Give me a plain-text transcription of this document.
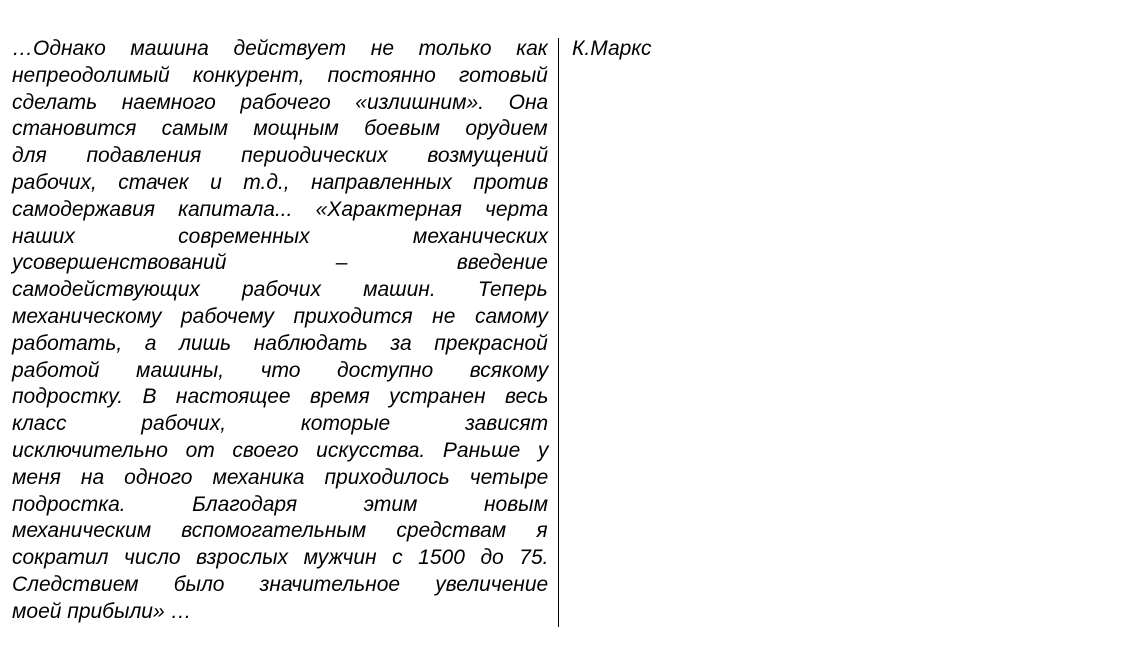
…Однако машина действует не только как
непреодолимый конкурент, постоянно готовый
сделать наемного рабочего «излишним». Она
становится самым мощным боевым орудием
для подавления периодических возмущений
рабочих, стачек и т.д., направленных против
самодержавия капитала... «Характерная черта
наших современных механических
усовершенствований – введение
самодействующих рабочих машин. Теперь
механическому рабочему приходится не самому
работать, а лишь наблюдать за прекрасной
работой машины, что доступно всякому
подростку. В настоящее время устранен весь
класс рабочих, которые зависят
исключительно от своего искусства. Раньше у
меня на одного механика приходилось четыре
подростка. Благодаря этим новым
механическим вспомогательным средствам я
сократил число взрослых мужчин с 1500 до 75.
Следствием было значительное увеличение
моей прибыли» …
К.Маркс
